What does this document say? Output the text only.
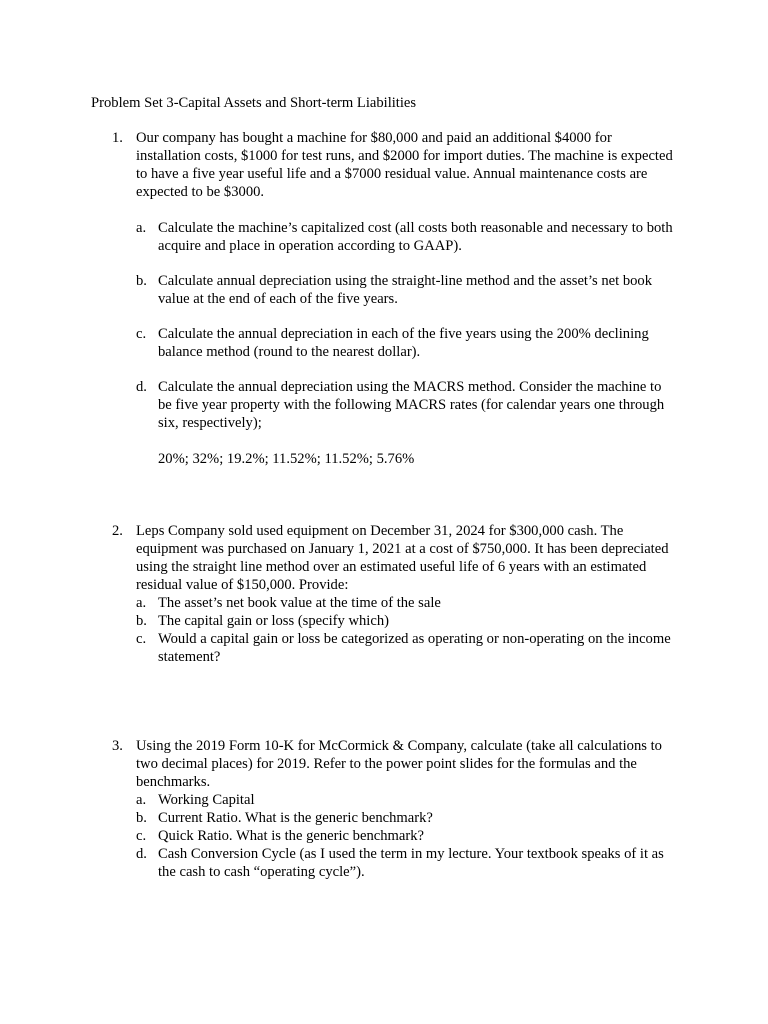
Problem Set 3-Capital Assets and Short-term Liabilities
1. Our company has bought a machine for $80,000 and paid an additional $4000 for installation costs, $1000 for test runs, and $2000 for import duties. The machine is expected to have a five year useful life and a $7000 residual value. Annual maintenance costs are expected to be $3000.
a. Calculate the machine’s capitalized cost (all costs both reasonable and necessary to both acquire and place in operation according to GAAP).
b. Calculate annual depreciation using the straight-line method and the asset’s net book value at the end of each of the five years.
c. Calculate the annual depreciation in each of the five years using the 200% declining balance method (round to the nearest dollar).
d. Calculate the annual depreciation using the MACRS method. Consider the machine to be five year property with the following MACRS rates (for calendar years one through six, respectively);
20%; 32%; 19.2%; 11.52%; 11.52%; 5.76%
2. Leps Company sold used equipment on December 31, 2024 for $300,000 cash. The equipment was purchased on January 1, 2021 at a cost of $750,000. It has been depreciated using the straight line method over an estimated useful life of 6 years with an estimated residual value of $150,000. Provide:
a. The asset’s net book value at the time of the sale
b. The capital gain or loss (specify which)
c. Would a capital gain or loss be categorized as operating or non-operating on the income statement?
3. Using the 2019 Form 10-K for McCormick & Company, calculate (take all calculations to two decimal places) for 2019. Refer to the power point slides for the formulas and the benchmarks.
a. Working Capital
b. Current Ratio. What is the generic benchmark?
c. Quick Ratio. What is the generic benchmark?
d. Cash Conversion Cycle (as I used the term in my lecture. Your textbook speaks of it as the cash to cash “operating cycle”).
